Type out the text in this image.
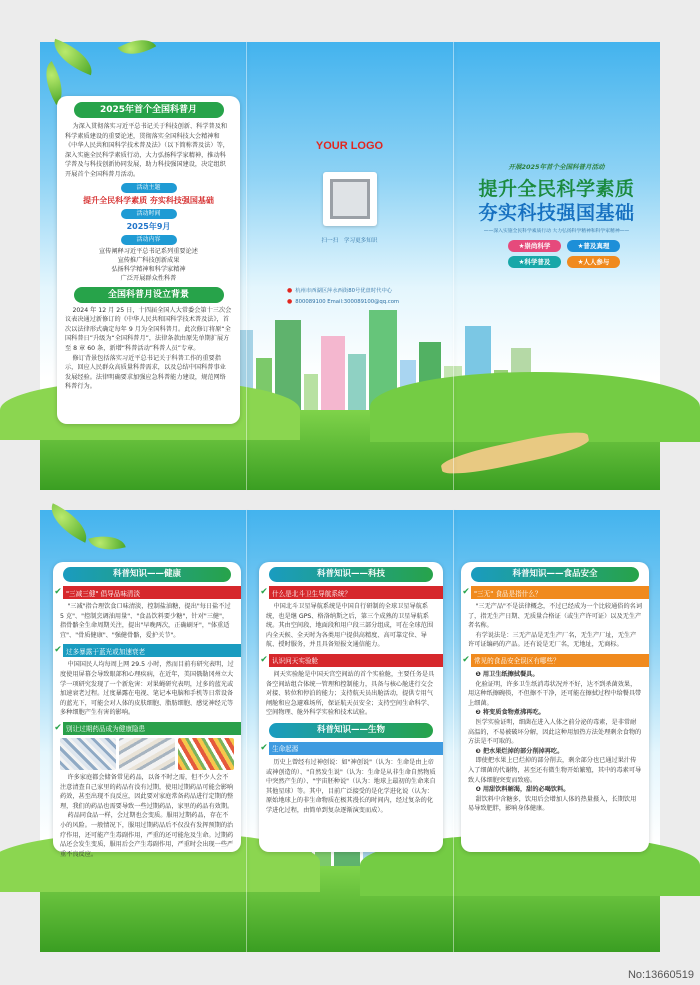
2025年首个全国科普月

为深入贯彻落实习近平总书记关于科技创新、科学普及和科学素质建设的重要论述，贯彻落实全国科技大会精神和《中华人民共和国科学技术普及法》（以下简称普及法）等，深入实施全民科学素质行动，大力弘扬科学家精神，推动科学普及与科技创新协同发展，助力科技强国建设，决定组织开展首个全国科普月活动。

活动主题
提升全民科学素质 夯实科技强国基础
活动时间
2025年9月
活动内容

宣传阐释习近平总书记系列重要论述

宣传推广科技创新成果

弘扬科学精神和科学家精神

广泛开展群众性科普

全国科普月设立背景

2024 年 12 月 25 日，十四届全国人大常委会第十三次会议表决通过新修订的《中华人民共和国科学技术普及法》，首次以法律形式确定每年 9 月为全国科普月。此次修订将原“全国科普日”升级为“全国科普月”，法律条款由原先单期扩展方至 8 章 60 条，新增“科普活动”科普人员”专章。

修订背景包括落实习近平总书记关于科普工作的重要指示，回应人民群众高质量科普需求，以及总结中国科普事业发展经验。法律明确要求加强应急科普能力建设，规范网络科普行为。

YOUR LOGO
扫一扫　学习更多知识
● 杭州市西湖区萍水西街80号优盘时代中心
● 800089100 Email:300089100@qq.com
开展2025年首个全国科普月活动
提升全民科学素质
夯实科技强国基础
——深入实施全民科学素质行动 大力弘扬科学精神和科学家精神——
★崇尚科学	★普及真理
★科学普及	★人人参与
科普知识——健康
✔ "三减三健" 倡导品味清淡

"三减"指合理饮食口味清淡，控制盐油糖，提出"每日盐不过 5 克"、"控制烹调油用量"、"食品饮料要少糖"，针对"三健"，指骨骼全生命周期关注，提出"早晚两次，正确刷牙"，"体重适宜"、"骨质健康"、"强健骨骼，爱护关节"。

✔ 过多暴露于蓝光或加速衰老

中国国民人均每周上网 29.5 小时，然而目前有研究表明，过度使用屏幕会导致眼部和心理疾病，在近年，美国俄勒冈州立大学一项研究发现了一个新危害：对果蝇研究表明，过多的蓝光或加速衰老过程。过度暴露在电视、笔记本电脑和手机等日常设备的蓝光下，可能会对人体的皮肤细胞、脂肪细胞、感觉神经元等多种细胞产生有害的影响。

✔ 别让过期药品成为健康隐患

许多家庭都会储备常见药品，以备不时之需，但不少人会不注意清查自己家里的药品有没有过期，使用过期药品可能会影响药效，甚至出现不良反应，因此要对家庭常备药品进行定期的整理，我们的药品也需要导致一些过期药品，家里的药品有效期。

药品同食品一样，会过期也会变质。服用过期药品，存在不小的风险。一般情况下，服用过期药品后不仅没有发挥预期的治疗作用，还可能产生毒副作用，严重的还可能危及生命。过期药品还会发生变质，服用后会产生毒副作用，严重时会出现一些严重不良反应。

科普知识——科技
✔ 什么是北斗卫生导航系统？

中国北斗卫星导航系统是中国自行研制的全球卫星导航系统，也是继 GPS、格洛纳斯之后，第三个成熟的卫星导航系统。其由空间段、地面段和用户段三部分组成，可在全球范围内全天候、全天时为各类用户提供高精度、高可靠定位、导航、授时服务，并且具备短报文通信能力。

✔ 认识问天实验舱

问天实验舱是中国天宫空间站的首个实验舱，主要任务是具备空间站组合体统一管理和控制能力，具备与核心舱进行交会对接、转位和停泊的能力；支持航天员出舱活动，提供专用气闸舱和应急避难场所，保证航天员安全；支持空间生命科学、空间物理、舱外科学实验和技术试验。

科普知识——生物
✔ 生命起源

历史上曾经有过神创说：如"神创说"（认为：生命是由上帝或神创造的）、"自然发生说"（认为：生命是从非生命自然物质中突然产生的）、"宇宙胚种说"（认为：地球上最初的生命来自其他星球）等。其中，目前广泛接受的是化学进化说（认为：原始地球上的非生命物质在极其漫长的时间内，经过复杂的化学进化过程，由简单到复杂逐渐演变而成）。

科普知识——食品安全
✔ "三无" 食品是指什么？

"三无产品"不是法律概念，不过已经成为一个比较通俗的名词了，指无生产日期、无质量合格证（或生产许可证）以及无生产者名称。

有学说法是：三无产品是无生产厂名，无生产厂址，无生产许可证编码的产品。还有说是无厂名，无地址，无商标。

✔ 常见的食品安全误区有哪些？

❶ 用卫生纸擦拭餐具。

化验证明，许多卫生纸消毒状况并不好，达不到杀菌效果，用这种纸擦碗筷，不但擦不干净，还可能在擦拭过程中给餐具带上细菌。

❷ 将变质食物煮沸再吃。

医学实验证明，细菌在进入人体之前分泌的毒素，是非常耐高温的，不易被破坏分解，因此这种用加热方法处理剩余食物的方法是不可取的。

❸ 把水果烂掉的部分削掉再吃。

即使把水果上已烂掉的部分削去，剩余部分也已通过果汁传入了细菌的代谢物，甚至还有微生物开始繁殖，其中的毒素可导致人体细胞突变而致癌。

❹ 用甜饮料解渴，甜的必喝饮料。

甜饮料中含糖多，饮用后会增加人体的热量摄入，长期饮用易导致肥胖，影响身体健康。

No:13660519
